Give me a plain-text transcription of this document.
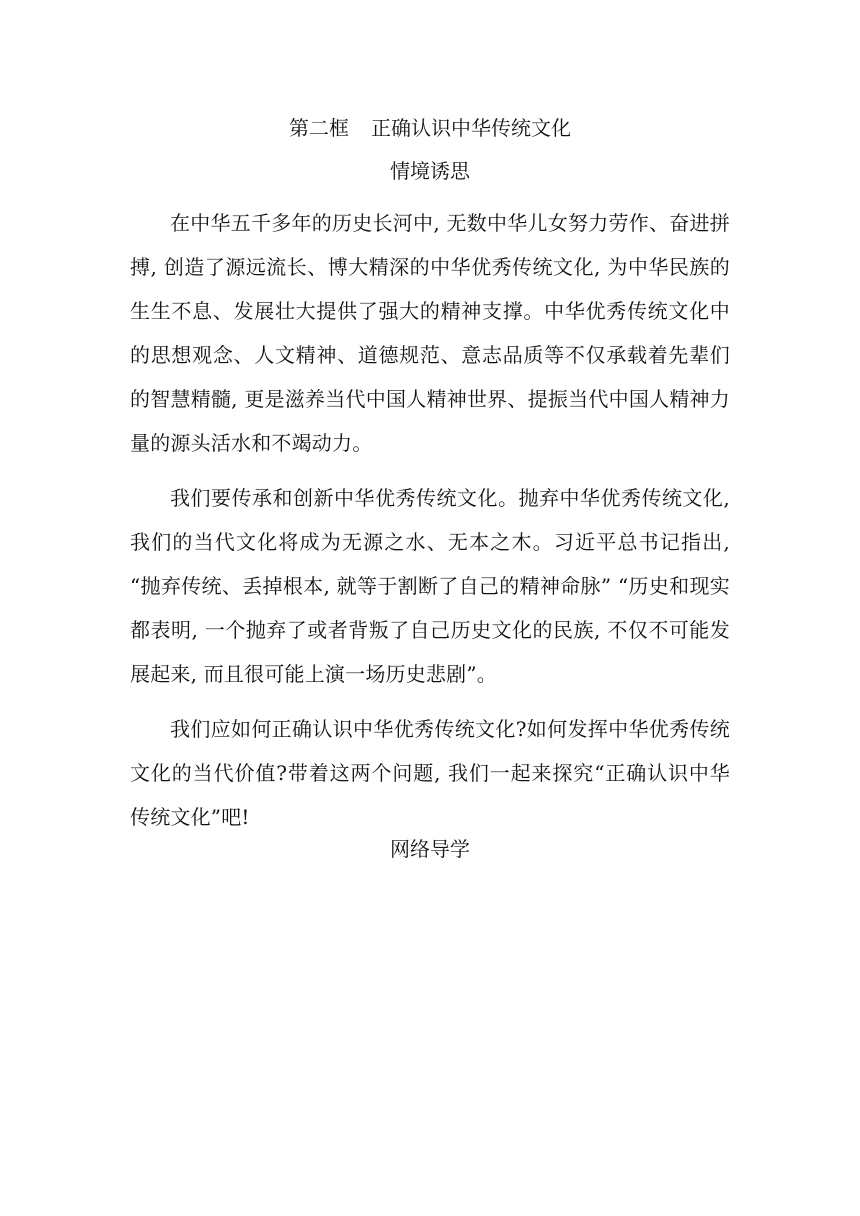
第二框 正确认识中华传统文化
情境诱思

在中华五千多年的历史长河中, 无数中华儿女努力劳作、奋进拼搏, 创造了源远流长、博大精深的中华优秀传统文化, 为中华民族的生生不息、发展壮大提供了强大的精神支撑。中华优秀传统文化中的思想观念、人文精神、道德规范、意志品质等不仅承载着先辈们的智慧精髓, 更是滋养当代中国人精神世界、提振当代中国人精神力量的源头活水和不竭动力。

我们要传承和创新中华优秀传统文化。抛弃中华优秀传统文化, 我们的当代文化将成为无源之水、无本之木。习近平总书记指出, “抛弃传统、丢掉根本, 就等于割断了自己的精神命脉” “历史和现实都表明, 一个抛弃了或者背叛了自己历史文化的民族, 不仅不可能发展起来, 而且很可能上演一场历史悲剧”。

我们应如何正确认识中华优秀传统文化?如何发挥中华优秀传统文化的当代价值?带着这两个问题, 我们一起来探究“正确认识中华传统文化”吧!

网络导学
